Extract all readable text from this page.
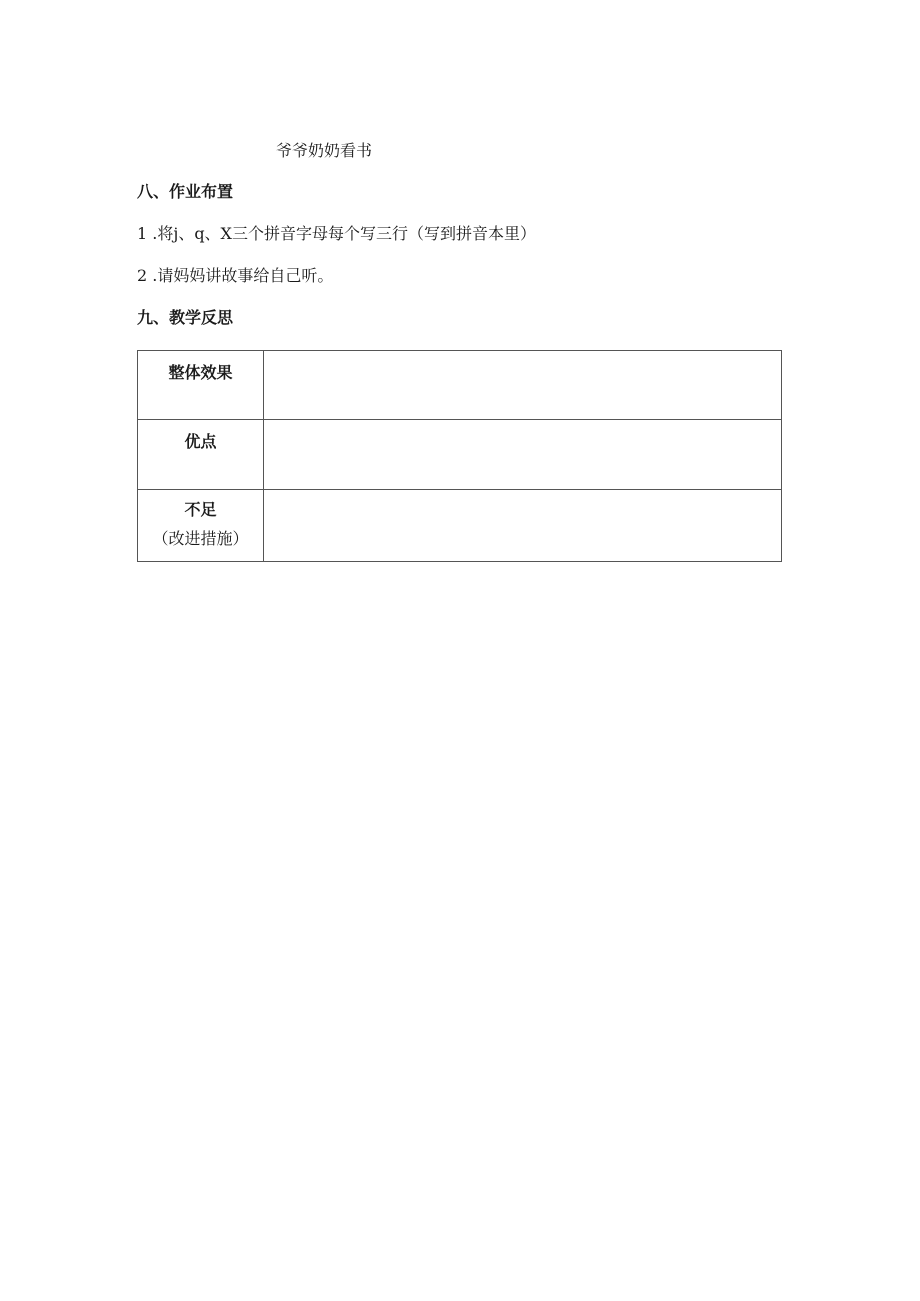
爷爷奶奶看书
八、作业布置
1 .将j、q、X三个拼音字母每个写三行（写到拼音本里）
2 .请妈妈讲故事给自己听。
九、教学反思
整体效果	
优点	
不足
（改进措施）	
